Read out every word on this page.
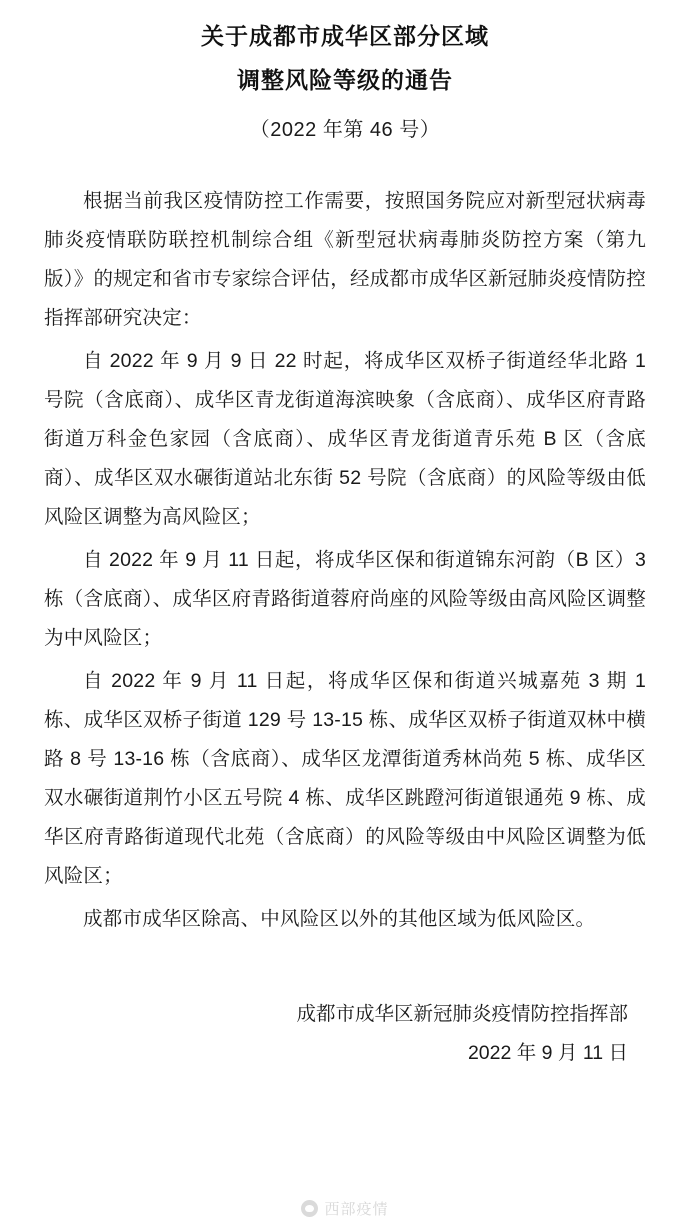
关于成都市成华区部分区域
调整风险等级的通告
（2022 年第 46 号）

根据当前我区疫情防控工作需要，按照国务院应对新型冠状病毒肺炎疫情联防联控机制综合组《新型冠状病毒肺炎防控方案（第九版）》的规定和省市专家综合评估，经成都市成华区新冠肺炎疫情防控指挥部研究决定：

自 2022 年 9 月 9 日 22 时起，将成华区双桥子街道经华北路 1 号院（含底商）、成华区青龙街道海滨映象（含底商）、成华区府青路街道万科金色家园（含底商）、成华区青龙街道青乐苑 B 区（含底商）、成华区双水碾街道站北东街 52 号院（含底商）的风险等级由低风险区调整为高风险区；

自 2022 年 9 月 11 日起，将成华区保和街道锦东河韵（B 区）3 栋（含底商）、成华区府青路街道蓉府尚座的风险等级由高风险区调整为中风险区；

自 2022 年 9 月 11 日起，将成华区保和街道兴城嘉苑 3 期 1 栋、成华区双桥子街道 129 号 13-15 栋、成华区双桥子街道双林中横路 8 号 13-16 栋（含底商）、成华区龙潭街道秀林尚苑 5 栋、成华区双水碾街道荆竹小区五号院 4 栋、成华区跳蹬河街道银通苑 9 栋、成华区府青路街道现代北苑（含底商）的风险等级由中风险区调整为低风险区；

成都市成华区除高、中风险区以外的其他区域为低风险区。

成都市成华区新冠肺炎疫情防控指挥部
2022 年 9 月 11 日
西部疫情
